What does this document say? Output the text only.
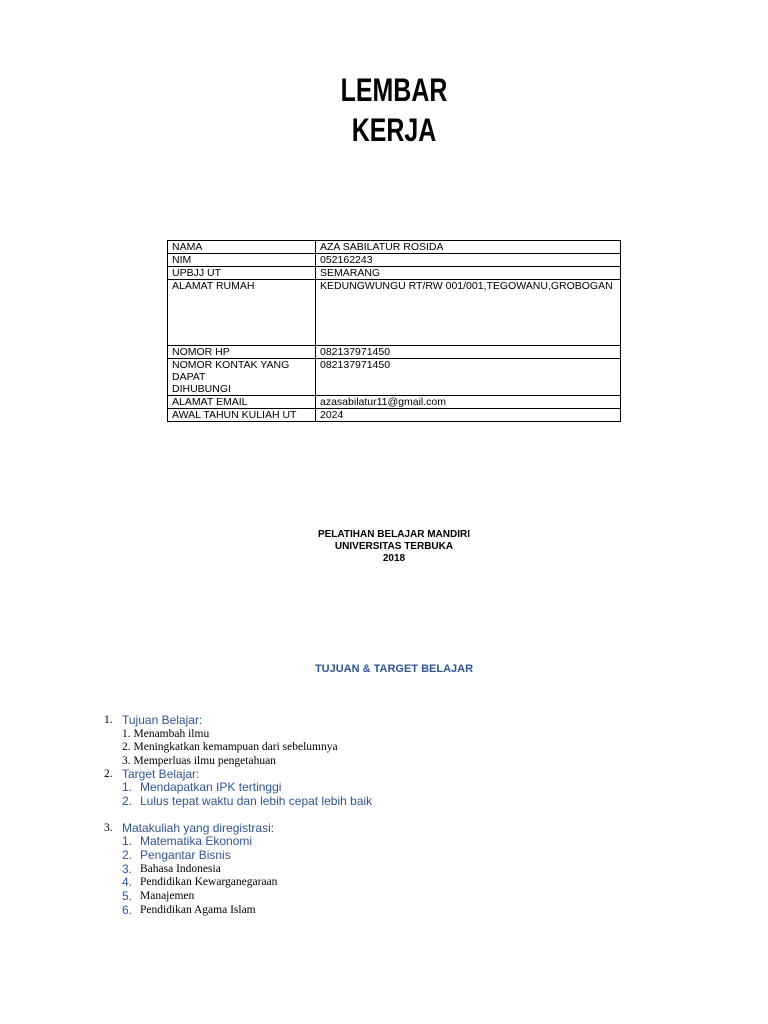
LEMBAR
KERJA
NAMA	AZA SABILATUR ROSIDA
NIM	052162243
UPBJJ UT	SEMARANG
ALAMAT RUMAH	KEDUNGWUNGU RT/RW 001/001,TEGOWANU,GROBOGAN
NOMOR HP	082137971450

NOMOR KONTAK YANG
DAPAT
DIHUBUNGI	082137971450
ALAMAT EMAIL	azasabilatur11@gmail.com
AWAL TAHUN KULIAH UT	2024
PELATIHAN BELAJAR MANDIRI
UNIVERSITAS TERBUKA
2018
TUJUAN & TARGET BELAJAR
1. Tujuan Belajar:
1. Menambah ilmu
2. Meningkatkan kemampuan dari sebelumnya
3. Memperluas ilmu pengetahuan
2. Target Belajar:
1. Mendapatkan IPK tertinggi
2. Lulus tepat waktu dan lebih cepat lebih baik
3. Matakuliah yang diregistrasi:
1. Matematika Ekonomi
2. Pengantar Bisnis
3. Bahasa Indonesia
4. Pendidikan Kewarganegaraan
5. Manajemen
6. Pendidikan Agama Islam
